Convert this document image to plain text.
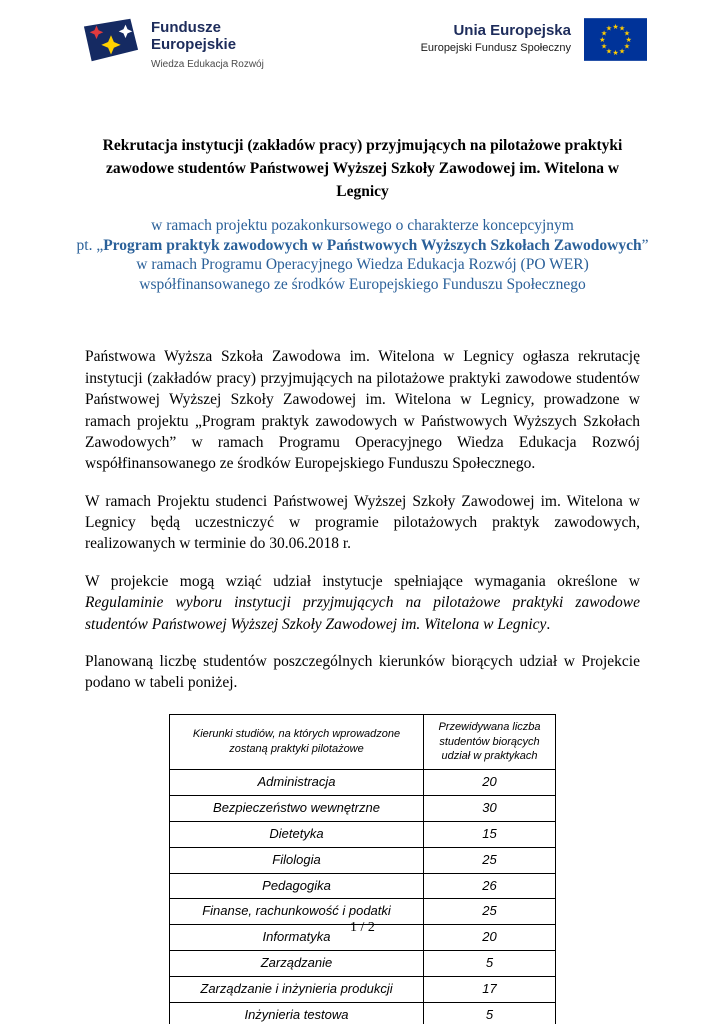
Fundusze
Europejskie
Wiedza Edukacja Rozwój
Unia Europejska
Europejski Fundusz Społeczny
★ ★
★
★
★
★
★
★
★
★
★
★
Rekrutacja instytucji (zakładów pracy) przyjmujących na pilotażowe praktyki zawodowe studentów Państwowej Wyższej Szkoły Zawodowej im. Witelona w Legnicy
w ramach projektu pozakonkursowego o charakterze koncepcyjnym
pt. „Program praktyk zawodowych w Państwowych Wyższych Szkołach Zawodowych”
w ramach Programu Operacyjnego Wiedza Edukacja Rozwój (PO WER)
współfinansowanego ze środków Europejskiego Funduszu Społecznego

Państwowa Wyższa Szkoła Zawodowa im. Witelona w Legnicy ogłasza rekrutację instytucji (zakładów pracy) przyjmujących na pilotażowe praktyki zawodowe studentów Państwowej Wyższej Szkoły Zawodowej im. Witelona w Legnicy, prowadzone w ramach projektu „Program praktyk zawodowych w Państwowych Wyższych Szkołach Zawodowych” w ramach Programu Operacyjnego Wiedza Edukacja Rozwój współfinansowanego ze środków Europejskiego Funduszu Społecznego.

W ramach Projektu studenci Państwowej Wyższej Szkoły Zawodowej im. Witelona w Legnicy będą uczestniczyć w programie pilotażowych praktyk zawodowych, realizowanych w terminie do 30.06.2018 r.

W projekcie mogą wziąć udział instytucje spełniające wymagania określone w Regulaminie wyboru instytucji przyjmujących na pilotażowe praktyki zawodowe studentów Państwowej Wyższej Szkoły Zawodowej im. Witelona w Legnicy.

Planowaną liczbę studentów poszczególnych kierunków biorących udział w Projekcie podano w tabeli poniżej.

Kierunki studiów, na których wprowadzone zostaną praktyki pilotażowe	Przewidywana liczba studentów biorących udział w praktykach
Administracja	20
Bezpieczeństwo wewnętrzne	30
Dietetyka	15
Filologia	25
Pedagogika	26
Finanse, rachunkowość i podatki	25
Informatyka	20
Zarządzanie	5
Zarządzanie i inżynieria produkcji	17
Inżynieria testowa	5
1 / 2
